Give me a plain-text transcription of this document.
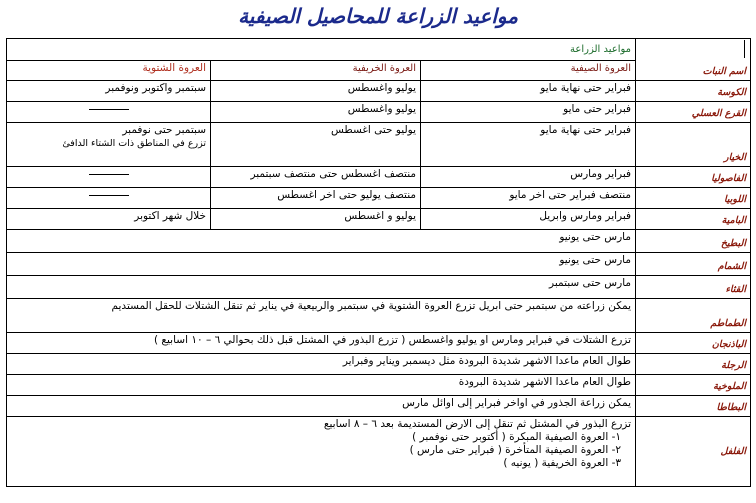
مواعيد الزراعة للمحاصيل الصيفية
اسم النبات	مواعيد الزراعة		
	العروة الصيفية	العروة الخريفية	العروة الشتوية
الكوسة	فبراير حتى نهاية مايو	يوليو واغسطس	سبتمبر واكتوبر ونوفمبر
القرع العسلي	فبراير حتى مايو	يوليو واغسطس	
الخيار	فبراير حتى نهاية مايو	يوليو حتى اغسطس	سبتمبر حتى نوفمبر
تزرع في المناطق ذات الشتاء الدافئ

الفاصوليا	فبراير ومارس	منتصف اغسطس حتى منتصف سبتمبر	
اللوبيا	منتصف فبراير حتى اخر مايو	منتصف يوليو حتى اخر اغسطس	
البامية	فبراير ومارس وابريل	يوليو و اغسطس	خلال شهر اكتوبر
البطيخ	مارس حتى يونيو		
الشمام	مارس حتى يونيو		
القثاء	مارس حتى سبتمبر		
الطماطم	يمكن زراعته من سبتمبر حتى ابريل تزرع العروة الشتوية في سبتمبر والربيعية في يناير ثم تنقل الشتلات للحقل المستديم		
الباذنجان	تزرع الشتلات في فبراير ومارس او يوليو واغسطس ( تزرع البذور في المشتل قبل ذلك بحوالي ٦ – ١٠ اسابيع )		
الرجلة	طوال العام ماعدا الاشهر شديدة البرودة مثل ديسمبر ويناير وفبراير		
الملوخية	طوال العام ماعدا الاشهر شديدة البرودة		
البطاطا	يمكن زراعة الجذور في اواخر فبراير إلى اوائل مارس		
الفلفل	تزرع البذور في المشتل ثم تنقل إلى الارض المستديمة بعد ٦ – ٨ اسابيع
١- العروة الصيفية المبكرة ( أكتوبر حتى نوفمبر )
٢- العروة الصيفية المتأخرة ( فبراير حتى مارس )
٣- العروة الخريفية ( يونيه )		
